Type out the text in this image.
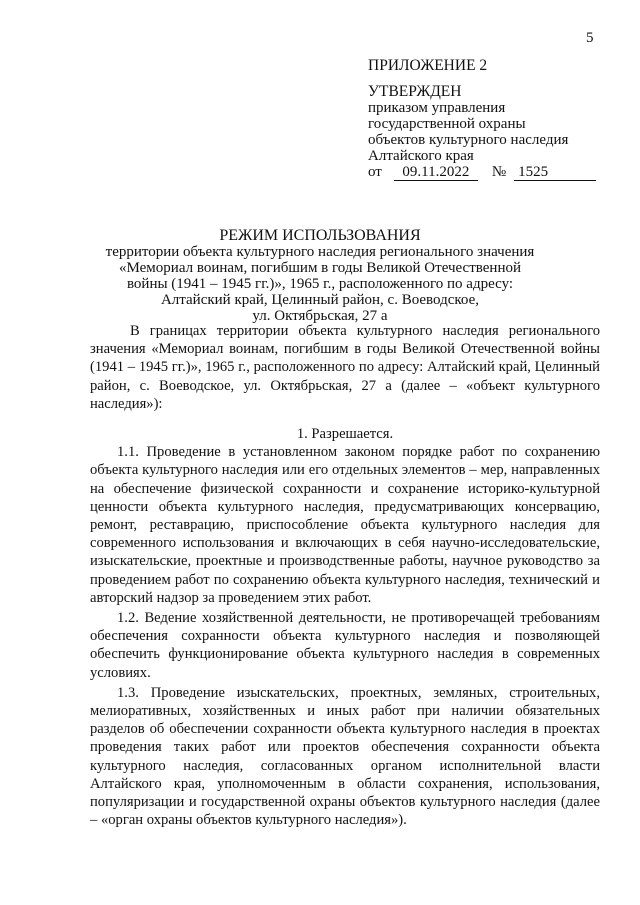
5
ПРИЛОЖЕНИЕ 2
УТВЕРЖДЕН
приказом управления
государственной охраны
объектов культурного наследия
Алтайского края
от 09.11.2022 № 1525
РЕЖИМ ИСПОЛЬЗОВАНИЯ
территории объекта культурного наследия регионального значения
«Мемориал воинам, погибшим в годы Великой Отечественной
войны (1941 – 1945 гг.)», 1965 г., расположенного по адресу:
Алтайский край, Целинный район, с. Воеводское,
ул. Октябрьская, 27 а

В границах территории объекта культурного наследия регионального значения «Мемориал воинам, погибшим в годы Великой Отечественной войны (1941 – 1945 гг.)», 1965 г., расположенного по адресу: Алтайский край, Целинный район, с. Воеводское, ул. Октябрьская, 27 а (далее – «объект культурного наследия»):

1. Разрешается.

1.1. Проведение в установленном законом порядке работ по сохранению объекта культурного наследия или его отдельных элементов – мер, направленных на обеспечение физической сохранности и сохранение историко-культурной ценности объекта культурного наследия, предусматривающих консервацию, ремонт, реставрацию, приспособление объекта культурного наследия для современного использования и включающих в себя научно-исследовательские, изыскательские, проектные и производственные работы, научное руководство за проведением работ по сохранению объекта культурного наследия, технический и авторский надзор за проведением этих работ.

1.2. Ведение хозяйственной деятельности, не противоречащей требованиям обеспечения сохранности объекта культурного наследия и позволяющей обеспечить функционирование объекта культурного наследия в современных условиях.

1.3. Проведение изыскательских, проектных, земляных, строительных, мелиоративных, хозяйственных и иных работ при наличии обязательных разделов об обеспечении сохранности объекта культурного наследия в проектах проведения таких работ или проектов обеспечения сохранности объекта культурного наследия, согласованных органом исполнительной власти Алтайского края, уполномоченным в области сохранения, использования, популяризации и государственной охраны объектов культурного наследия (далее – «орган охраны объектов культурного наследия»).
